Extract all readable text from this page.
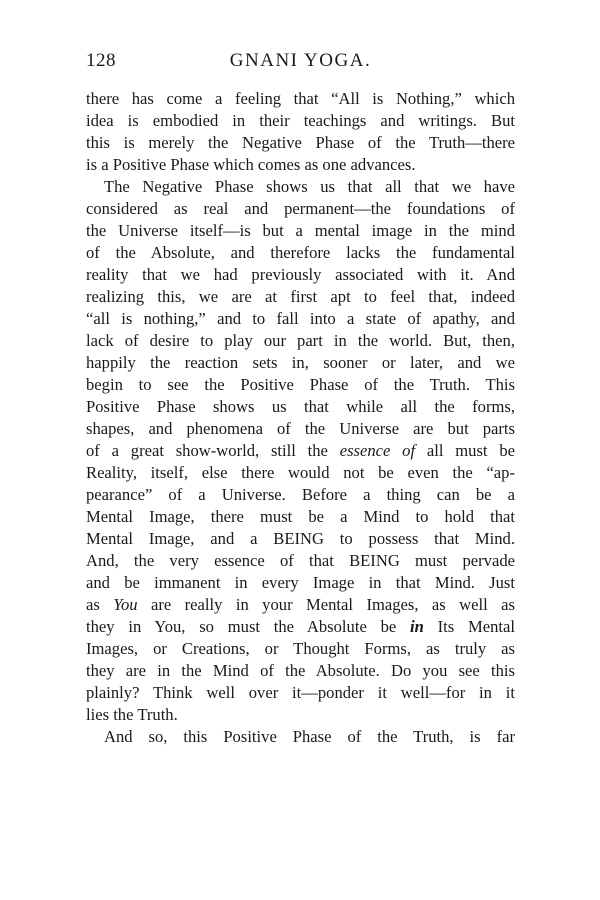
128	GNANI YOGA.
there has come a feeling that “All is Nothing,” which
idea is embodied in their teachings and writings. But
this is merely the Negative Phase of the Truth—there
is a Positive Phase which comes as one advances.
The Negative Phase shows us that all that we have
considered as real and permanent—the foundations of
the Universe itself—is but a mental image in the mind
of the Absolute, and therefore lacks the fundamental
reality that we had previously associated with it. And
realizing this, we are at first apt to feel that, indeed
“all is nothing,” and to fall into a state of apathy, and
lack of desire to play our part in the world. But, then,
happily the reaction sets in, sooner or later, and we
begin to see the Positive Phase of the Truth. This
Positive Phase shows us that while all the forms,
shapes, and phenomena of the Universe are but parts
of a great show-world, still the essence of all must be
Reality, itself, else there would not be even the “ap-
pearance” of a Universe. Before a thing can be a
Mental Image, there must be a Mind to hold that
Mental Image, and a BEING to possess that Mind.
And, the very essence of that BEING must pervade
and be immanent in every Image in that Mind. Just
as You are really in your Mental Images, as well as
they in You, so must the Absolute be in Its Mental
Images, or Creations, or Thought Forms, as truly as
they are in the Mind of the Absolute. Do you see this
plainly? Think well over it—ponder it well—for in it
lies the Truth.
And so, this Positive Phase of the Truth, is far
